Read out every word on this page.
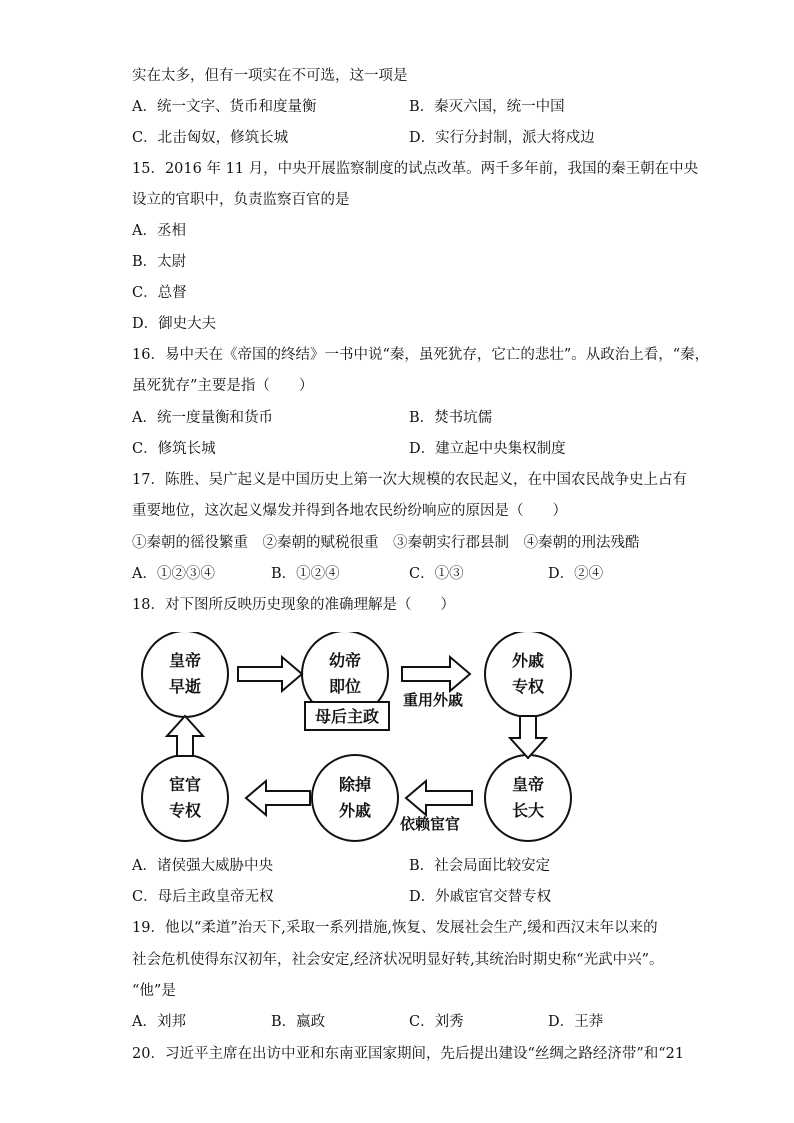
实在太多，但有一项实在不可选，这一项是
A．统一文字、货币和度量衡	B．秦灭六国，统一中国
C．北击匈奴，修筑长城	D．实行分封制，派大将戍边
15．2016 年 11 月，中央开展监察制度的试点改革。两千多年前，我国的秦王朝在中央
设立的官职中，负责监察百官的是
A．丞相
B．太尉
C．总督
D．御史大夫
16．易中天在《帝国的终结》一书中说“秦，虽死犹存，它亡的悲壮”。从政治上看，“秦，
虽死犹存”主要是指（　　）
A．统一度量衡和货币	B．焚书坑儒
C．修筑长城	D．建立起中央集权制度
17．陈胜、吴广起义是中国历史上第一次大规模的农民起义，在中国农民战争史上占有
重要地位，这次起义爆发并得到各地农民纷纷响应的原因是（　　）
①秦朝的徭役繁重　②秦朝的赋税很重　③秦朝实行郡县制　④秦朝的刑法残酷
A．①②③④	B．①②④	C．①③	D．②④
18．对下图所反映历史现象的准确理解是（　　）
皇帝
早逝
幼帝
即位
母后主政
外戚
专权
皇帝
长大
除掉
外戚
宦官
专权
重用外戚
依赖宦官
A．诸侯强大威胁中央	B．社会局面比较安定
C．母后主政皇帝无权	D．外戚宦官交替专权
19．他以“柔道”治天下,采取一系列措施,恢复、发展社会生产,缓和西汉末年以来的
社会危机使得东汉初年，社会安定,经济状况明显好转,其统治时期史称“光武中兴”。
“他”是
A．刘邦	B．嬴政	C．刘秀	D．王莽
20．习近平主席在出访中亚和东南亚国家期间，先后提出建设“丝绸之路经济带”和“21
